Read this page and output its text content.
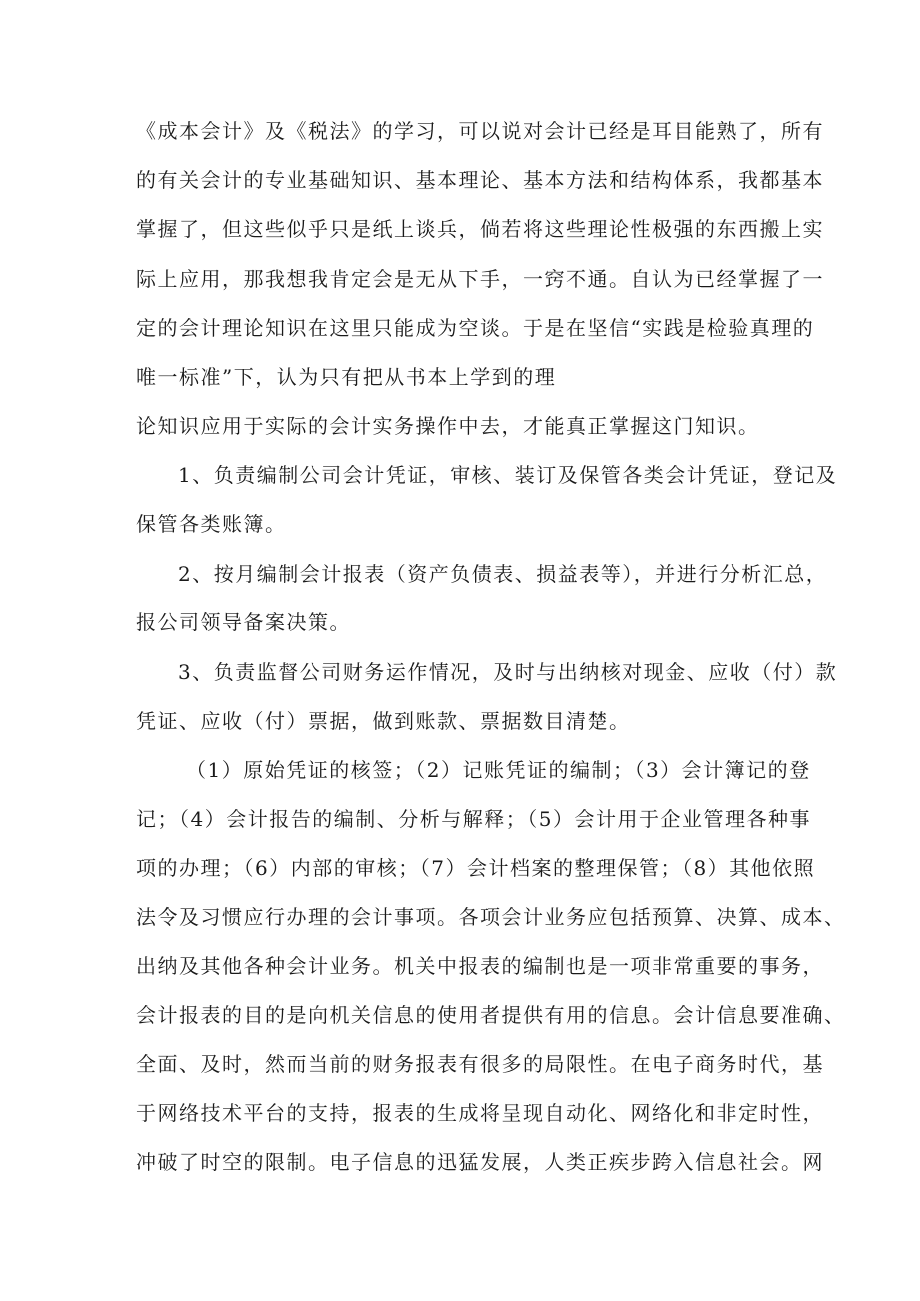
《成本会计》及《税法》的学习，可以说对会计已经是耳目能熟了，所有
的有关会计的专业基础知识、基本理论、基本方法和结构体系，我都基本
掌握了，但这些似乎只是纸上谈兵，倘若将这些理论性极强的东西搬上实
际上应用，那我想我肯定会是无从下手，一窍不通。自认为已经掌握了一
定的会计理论知识在这里只能成为空谈。于是在坚信“实践是检验真理的
唯一标准”下，认为只有把从书本上学到的理
论知识应用于实际的会计实务操作中去，才能真正掌握这门知识。
1、负责编制公司会计凭证，审核、装订及保管各类会计凭证，登记及
保管各类账簿。
2、按月编制会计报表（资产负债表、损益表等），并进行分析汇总，
报公司领导备案决策。
3、负责监督公司财务运作情况，及时与出纳核对现金、应收（付）款
凭证、应收（付）票据，做到账款、票据数目清楚。
（1）原始凭证的核签；（2）记账凭证的编制；（3）会计簿记的登
记；（4）会计报告的编制、分析与解释；（5）会计用于企业管理各种事
项的办理；（6）内部的审核；（7）会计档案的整理保管；（8）其他依照
法令及习惯应行办理的会计事项。各项会计业务应包括预算、决算、成本、
出纳及其他各种会计业务。机关中报表的编制也是一项非常重要的事务，
会计报表的目的是向机关信息的使用者提供有用的信息。会计信息要准确、
全面、及时，然而当前的财务报表有很多的局限性。在电子商务时代，基
于网络技术平台的支持，报表的生成将呈现自动化、网络化和非定时性，
冲破了时空的限制。电子信息的迅猛发展，人类正疾步跨入信息社会。网
